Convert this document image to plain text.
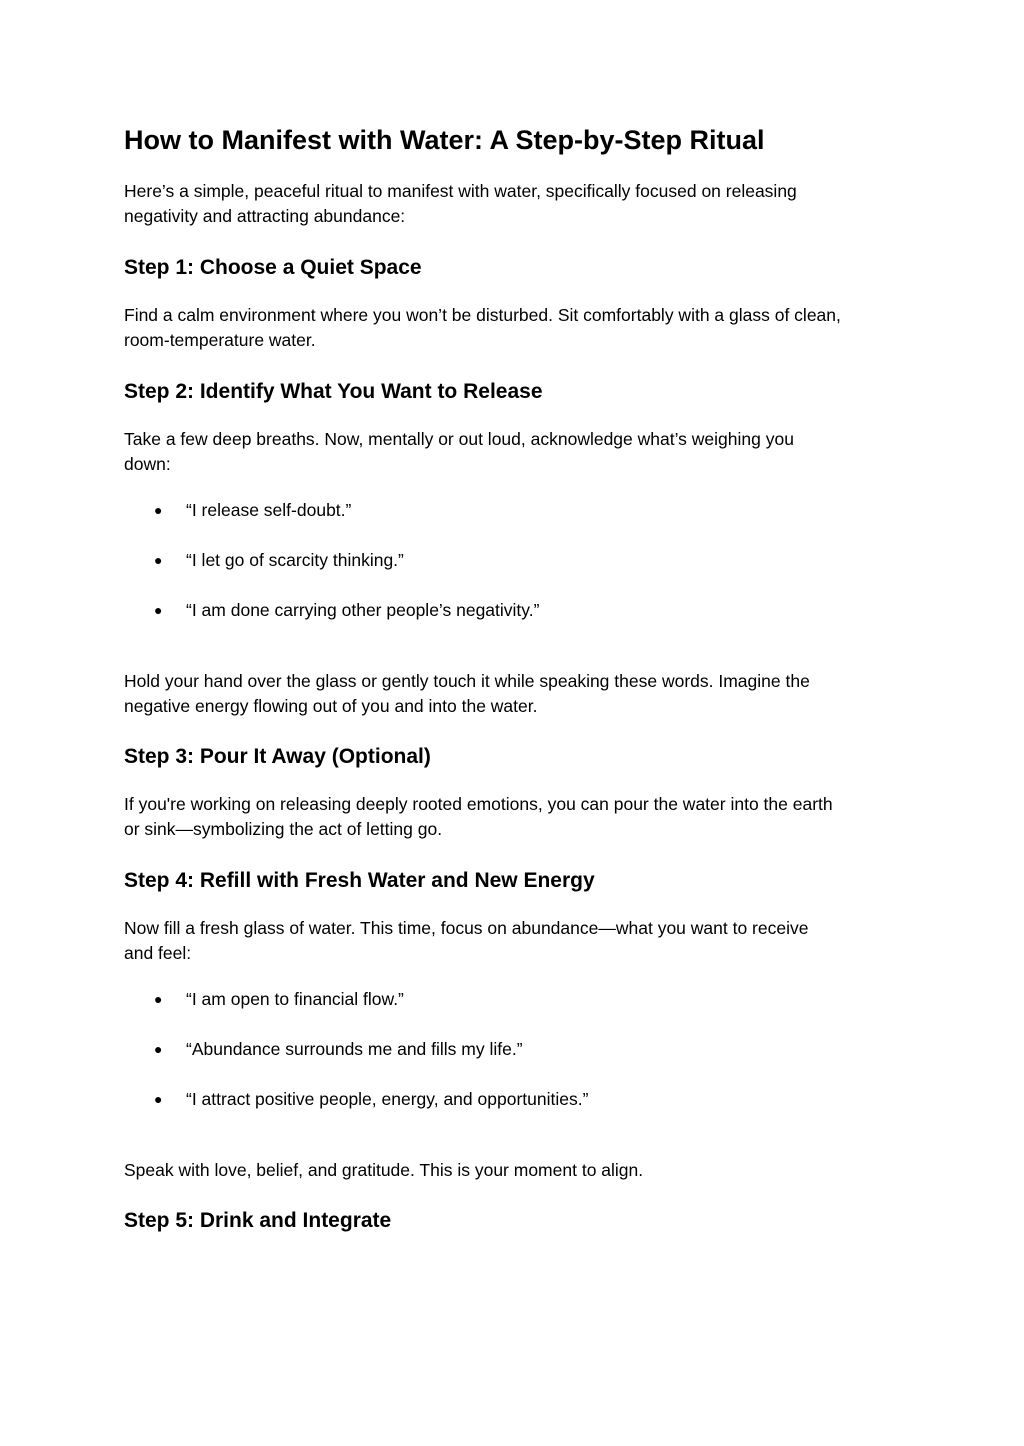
How to Manifest with Water: A Step-by-Step Ritual

Here’s a simple, peaceful ritual to manifest with water, specifically focused on releasing
negativity and attracting abundance:

Step 1: Choose a Quiet Space

Find a calm environment where you won’t be disturbed. Sit comfortably with a glass of clean,
room-temperature water.

Step 2: Identify What You Want to Release

Take a few deep breaths. Now, mentally or out loud, acknowledge what’s weighing you
down:

● “I release self-doubt.”
● “I let go of scarcity thinking.”
● “I am done carrying other people’s negativity.”

Hold your hand over the glass or gently touch it while speaking these words. Imagine the
negative energy flowing out of you and into the water.

Step 3: Pour It Away (Optional)

If you're working on releasing deeply rooted emotions, you can pour the water into the earth
or sink—symbolizing the act of letting go.

Step 4: Refill with Fresh Water and New Energy

Now fill a fresh glass of water. This time, focus on abundance—what you want to receive
and feel:

● “I am open to financial flow.”
● “Abundance surrounds me and fills my life.”
● “I attract positive people, energy, and opportunities.”

Speak with love, belief, and gratitude. This is your moment to align.

Step 5: Drink and Integrate
